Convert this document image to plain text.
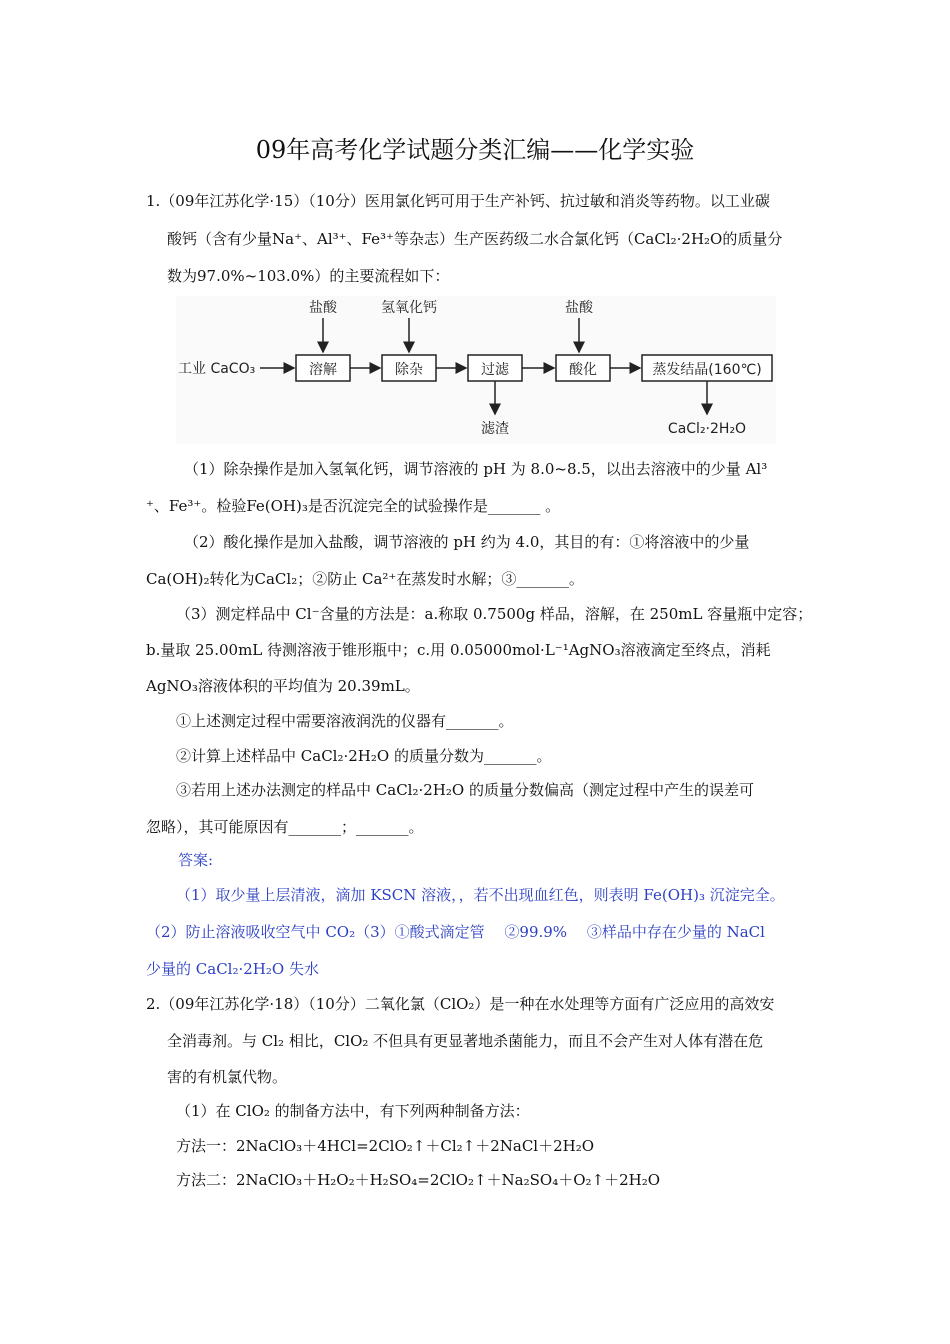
09年高考化学试题分类汇编——化学实验
1.（09年江苏化学·15）（10分）医用氯化钙可用于生产补钙、抗过敏和消炎等药物。以工业碳
酸钙（含有少量Na⁺、Al³⁺、Fe³⁺等杂志）生产医药级二水合氯化钙（CaCl₂·2H₂O的质量分
数为97.0%~103.0%）的主要流程如下：
工业 CaCO₃	溶解	除杂	过滤	酸化	蒸发结晶(160℃)
盐酸	氢氧化钙	盐酸
滤渣	CaCl₂·2H₂O
（1）除杂操作是加入氢氧化钙，调节溶液的 pH 为 8.0~8.5，以出去溶液中的少量 Al³
⁺、Fe³⁺。检验Fe(OH)₃是否沉淀完全的试验操作是_______ 。
（2）酸化操作是加入盐酸，调节溶液的 pH 约为 4.0，其目的有：①将溶液中的少量
Ca(OH)₂转化为CaCl₂；②防止 Ca²⁺在蒸发时水解；③_______。
（3）测定样品中 Cl⁻含量的方法是：a.称取 0.7500g 样品，溶解，在 250mL 容量瓶中定容；
b.量取 25.00mL 待测溶液于锥形瓶中；c.用 0.05000mol·L⁻¹AgNO₃溶液滴定至终点，消耗
AgNO₃溶液体积的平均值为 20.39mL。
①上述测定过程中需要溶液润洗的仪器有_______。
②计算上述样品中 CaCl₂·2H₂O 的质量分数为_______。
③若用上述办法测定的样品中 CaCl₂·2H₂O 的质量分数偏高（测定过程中产生的误差可
忽略），其可能原因有_______；_______。
答案:
（1）取少量上层清液，滴加 KSCN 溶液，，若不出现血红色，则表明 Fe(OH)₃ 沉淀完全。
（2）防止溶液吸收空气中 CO₂（3）①酸式滴定管　 ②99.9%　 ③样品中存在少量的 NaCl
少量的 CaCl₂·2H₂O 失水
2.（09年江苏化学·18）（10分）二氧化氯（ClO₂）是一种在水处理等方面有广泛应用的高效安
全消毒剂。与 Cl₂ 相比，ClO₂ 不但具有更显著地杀菌能力，而且不会产生对人体有潜在危
害的有机氯代物。
（1）在 ClO₂ 的制备方法中，有下列两种制备方法：
方法一：2NaClO₃＋4HCl=2ClO₂↑＋Cl₂↑＋2NaCl＋2H₂O
方法二：2NaClO₃＋H₂O₂＋H₂SO₄=2ClO₂↑＋Na₂SO₄＋O₂↑＋2H₂O
